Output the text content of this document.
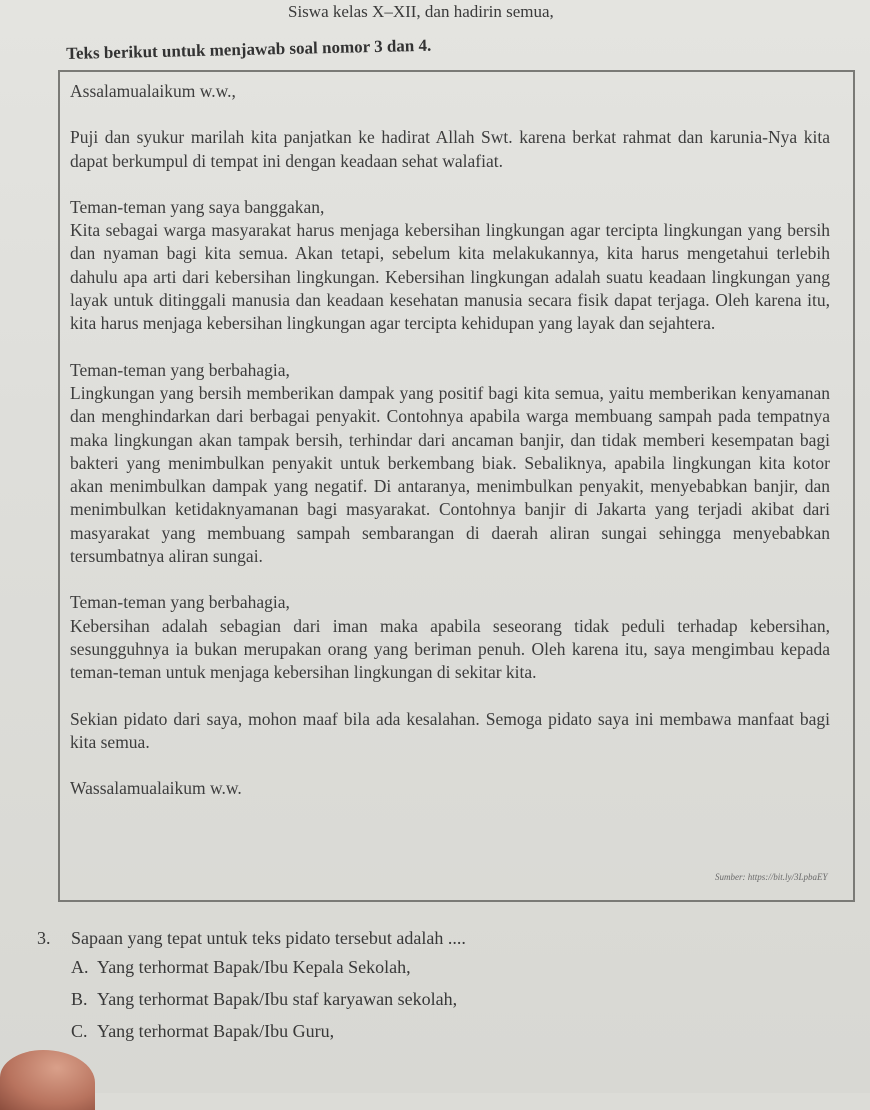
Siswa kelas X–XII, dan hadirin semua,
Teks berikut untuk menjawab soal nomor 3 dan 4.

Assalamualaikum w.w.,

Puji dan syukur marilah kita panjatkan ke hadirat Allah Swt. karena berkat rahmat dan karunia-Nya kita dapat berkumpul di tempat ini dengan keadaan sehat walafiat.

Teman-teman yang saya banggakan,

Kita sebagai warga masyarakat harus menjaga kebersihan lingkungan agar tercipta lingkungan yang bersih dan nyaman bagi kita semua. Akan tetapi, sebelum kita melakukannya, kita harus mengetahui terlebih dahulu apa arti dari kebersihan lingkungan. Kebersihan lingkungan adalah suatu keadaan lingkungan yang layak untuk ditinggali manusia dan keadaan kesehatan manusia secara fisik dapat terjaga. Oleh karena itu, kita harus menjaga kebersihan lingkungan agar tercipta kehidupan yang layak dan sejahtera.

Teman-teman yang berbahagia,

Lingkungan yang bersih memberikan dampak yang positif bagi kita semua, yaitu memberikan kenyamanan dan menghindarkan dari berbagai penyakit. Contohnya apabila warga membuang sampah pada tempatnya maka lingkungan akan tampak bersih, terhindar dari ancaman banjir, dan tidak memberi kesempatan bagi bakteri yang menimbulkan penyakit untuk berkembang biak. Sebaliknya, apabila lingkungan kita kotor akan menimbulkan dampak yang negatif. Di antaranya, menimbulkan penyakit, menyebabkan banjir, dan menimbulkan ketidaknyamanan bagi masyarakat. Contohnya banjir di Jakarta yang terjadi akibat dari masyarakat yang membuang sampah sembarangan di daerah aliran sungai sehingga menyebabkan tersumbatnya aliran sungai.

Teman-teman yang berbahagia,

Kebersihan adalah sebagian dari iman maka apabila seseorang tidak peduli terhadap kebersihan, sesungguhnya ia bukan merupakan orang yang beriman penuh. Oleh karena itu, saya mengimbau kepada teman-teman untuk menjaga kebersihan lingkungan di sekitar kita.

Sekian pidato dari saya, mohon maaf bila ada kesalahan. Semoga pidato saya ini membawa manfaat bagi kita semua.

Wassalamualaikum w.w.

Sumber: https://bit.ly/3LpbaEY
3.	Sapaan yang tepat untuk teks pidato tersebut adalah ....
A. Yang terhormat Bapak/Ibu Kepala Sekolah,
B. Yang terhormat Bapak/Ibu staf karyawan sekolah,
C. Yang terhormat Bapak/Ibu Guru,
